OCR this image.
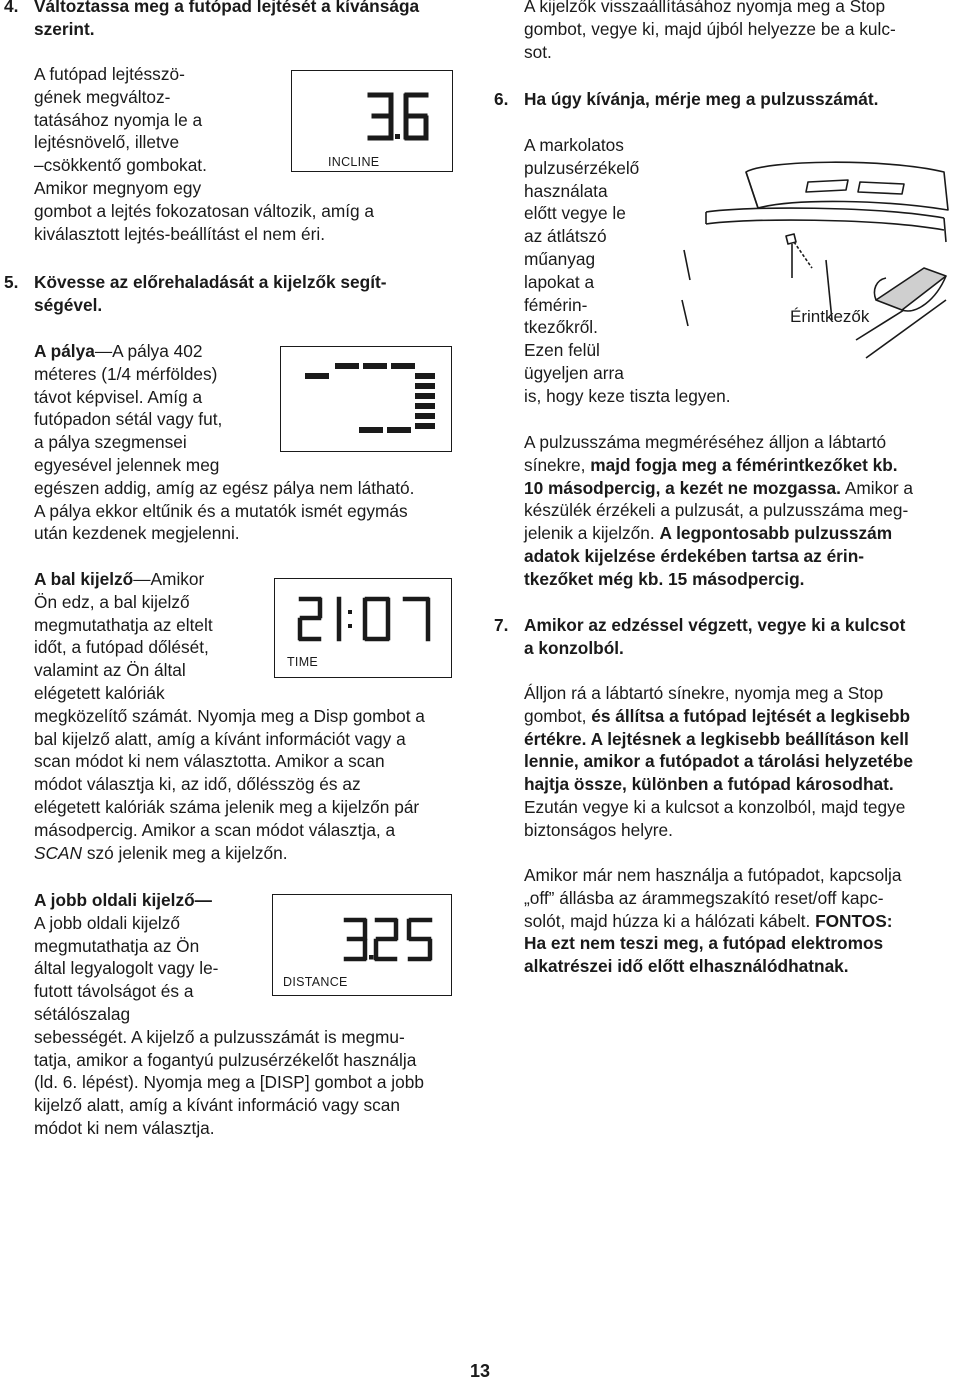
4. Változtassa meg a futópad lejtését a kívánsága szerint.

A futópad lejtésszö-

gének megváltoz-

tatásához nyomja le a

lejtésnövelő, illetve

–csökkentő gombokat.

Amikor megnyom egy

gombot a lejtés fokozatosan változik, amíg a

kiválasztott lejtés-beállítást el nem éri.

INCLINE
5. Kövesse az előrehaladását a kijelzők segít-ségével.

A pálya—A pálya 402

méteres (1/4 mérföldes)

távot képvisel. Amíg a

futópadon sétál vagy fut,

a pálya szegmensei

egyesével jelennek meg

egészen addig, amíg az egész pálya nem látható.

A pálya ekkor eltűnik és a mutatók ismét egymás

után kezdenek megjelenni.

A bal kijelző—Amikor

Ön edz, a bal kijelző

megmutathatja az eltelt

időt, a futópad dőlését,

valamint az Ön által

elégetett kalóriák

megközelítő számát. Nyomja meg a Disp gombot a

bal kijelző alatt, amíg a kívánt információt vagy a

scan módot ki nem választotta. Amikor a scan

módot választja ki, az idő, dőlésszög és az

elégetett kalóriák száma jelenik meg a kijelzőn pár

másodpercig. Amikor a scan módot választja, a

SCAN szó jelenik meg a kijelzőn.

TIME

A jobb oldali kijelző—

A jobb oldali kijelző

megmutathatja az Ön

által legyalogolt vagy le-

futott távolságot és a

sétálószalag

sebességét. A kijelző a pulzusszámát is megmu-

tatja, amikor a fogantyú pulzusérzékelőt használja

(ld. 6. lépést). Nyomja meg a [DISP] gombot a jobb

kijelző alatt, amíg a kívánt információ vagy scan

módot ki nem választja.

DISTANCE

A kijelzők visszaállításához nyomja meg a Stop

gombot, vegye ki, majd újból helyezze be a kulc-

sot.

6. Ha úgy kívánja, mérje meg a pulzusszámát.

A markolatos

pulzusérzékelő

használata

előtt vegye le

az átlátszó

műanyag

lapokat a

fémérin-

tkezőkről.

Ezen felül

ügyeljen arra

is, hogy keze tiszta legyen.

Érintkezők

A pulzusszáma megméréséhez álljon a lábtartó

sínekre, majd fogja meg a fémérintkezőket kb.

10 másodpercig, a kezét ne mozgassa. Amikor a

készülék érzékeli a pulzusát, a pulzusszáma meg-

jelenik a kijelzőn. A legpontosabb pulzusszám

adatok kijelzése érdekében tartsa az érin-

tkezőket még kb. 15 másodpercig.

7. Amikor az edzéssel végzett, vegye ki a kulcsot

a konzolból.

Álljon rá a lábtartó sínekre, nyomja meg a Stop

gombot, és állítsa a futópad lejtését a legkisebb

értékre. A lejtésnek a legkisebb beállításon kell

lennie, amikor a futópadot a tárolási helyzetébe

hajtja össze, különben a futópad károsodhat.

Ezután vegye ki a kulcsot a konzolból, majd tegye

biztonságos helyre.

Amikor már nem használja a futópadot, kapcsolja

„off” állásba az árammegszakító reset/off kapc-

solót, majd húzza ki a hálózati kábelt. FONTOS:

Ha ezt nem teszi meg, a futópad elektromos

alkatrészei idő előtt elhasználódhatnak.

13
